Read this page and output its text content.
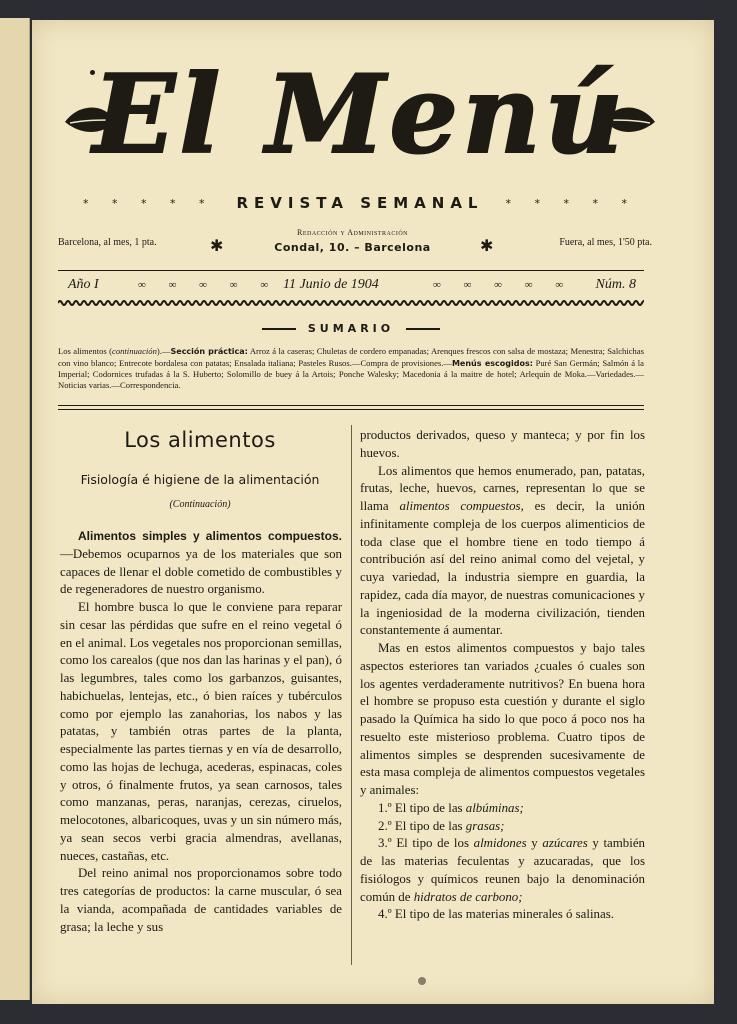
El Menú
* * * * * REVISTA SEMANAL * * * * *
Barcelona, al mes, 1 pta.	✱
Redacción y Administración
Condal, 10. – Barcelona	✱	Fuera, al mes, 1'50 pta.
Año I	∞ ∞ ∞ ∞ ∞ 11 Junio de 1904	∞ ∞ ∞ ∞ ∞ Núm. 8
SUMARIO
Los alimentos (continuación).—Sección práctica: Arroz á la caseras; Chuletas de cordero empanadas; Arenques frescos con salsa de mostaza; Menestra; Salchichas con vino blanco; Entrecote bordalesa con patatas; Ensalada italiana; Pasteles Rusos.—Compra de provisiones.—Menús escogidos: Puré San Germán; Salmón á la Imperial; Codornices trufadas á la S. Huberto; Solomillo de buey á la Artois; Ponche Walesky; Macedonia á la maitre de hotel; Arlequín de Moka.—Variedades.—Noticias varias.—Correspondencia.
Los alimentos
Fisiología é higiene de la alimentación
(Continuación)

Alimentos simples y alimentos compuestos.—Debemos ocuparnos ya de los materiales que son capaces de llenar el doble cometido de combustibles y de regeneradores de nuestro organismo.

El hombre busca lo que le conviene para reparar sin cesar las pérdidas que sufre en el reino vegetal ó en el animal. Los vegetales nos proporcionan semillas, como los carealos (que nos dan las harinas y el pan), ó las legumbres, tales como los garbanzos, guisantes, habichuelas, lentejas, etc., ó bien raíces y tubérculos como por ejemplo las zanahorias, los nabos y las patatas, y también otras partes de la planta, especialmente las partes tiernas y en vía de desarrollo, como las hojas de lechuga, acederas, espinacas, coles y otros, ó finalmente frutos, ya sean carnosos, tales como manzanas, peras, naranjas, cerezas, ciruelos, melocotones, albaricoques, uvas y un sin número más, ya sean secos verbi gracia almendras, avellanas, nueces, castañas, etc.

Del reino animal nos proporcionamos sobre todo tres categorías de productos: la carne muscular, ó sea la vianda, acompañada de cantidades variables de grasa; la leche y sus

productos derivados, queso y manteca; y por fin los huevos.

Los alimentos que hemos enumerado, pan, patatas, frutas, leche, huevos, carnes, representan lo que se llama alimentos compuestos, es decir, la unión infinitamente compleja de los cuerpos alimenticios de toda clase que el hombre tiene en todo tiempo á contribución así del reino animal como del vejetal, y cuya variedad, la industria siempre en guardia, la rapidez, cada día mayor, de nuestras comunicaciones y la ingeniosidad de la moderna civilización, tienden constantemente á aumentar.

Mas en estos alimentos compuestos y bajo tales aspectos esteriores tan variados ¿cuales ó cuales son los agentes verdaderamente nutritivos? En buena hora el hombre se propuso esta cuestión y durante el siglo pasado la Química ha sido lo que poco á poco nos ha resuelto este misterioso problema. Cuatro tipos de alimentos simples se desprenden sucesivamente de esta masa compleja de alimentos compuestos vegetales y animales:

1.º El tipo de las albúminas;

2.º El tipo de las grasas;

3.º El tipo de los almidones y azúcares y también de las materias feculentas y azucaradas, que los fisiólogos y químicos reunen bajo la denominación común de hidratos de carbono;

4.º El tipo de las materias minerales ó salinas.
